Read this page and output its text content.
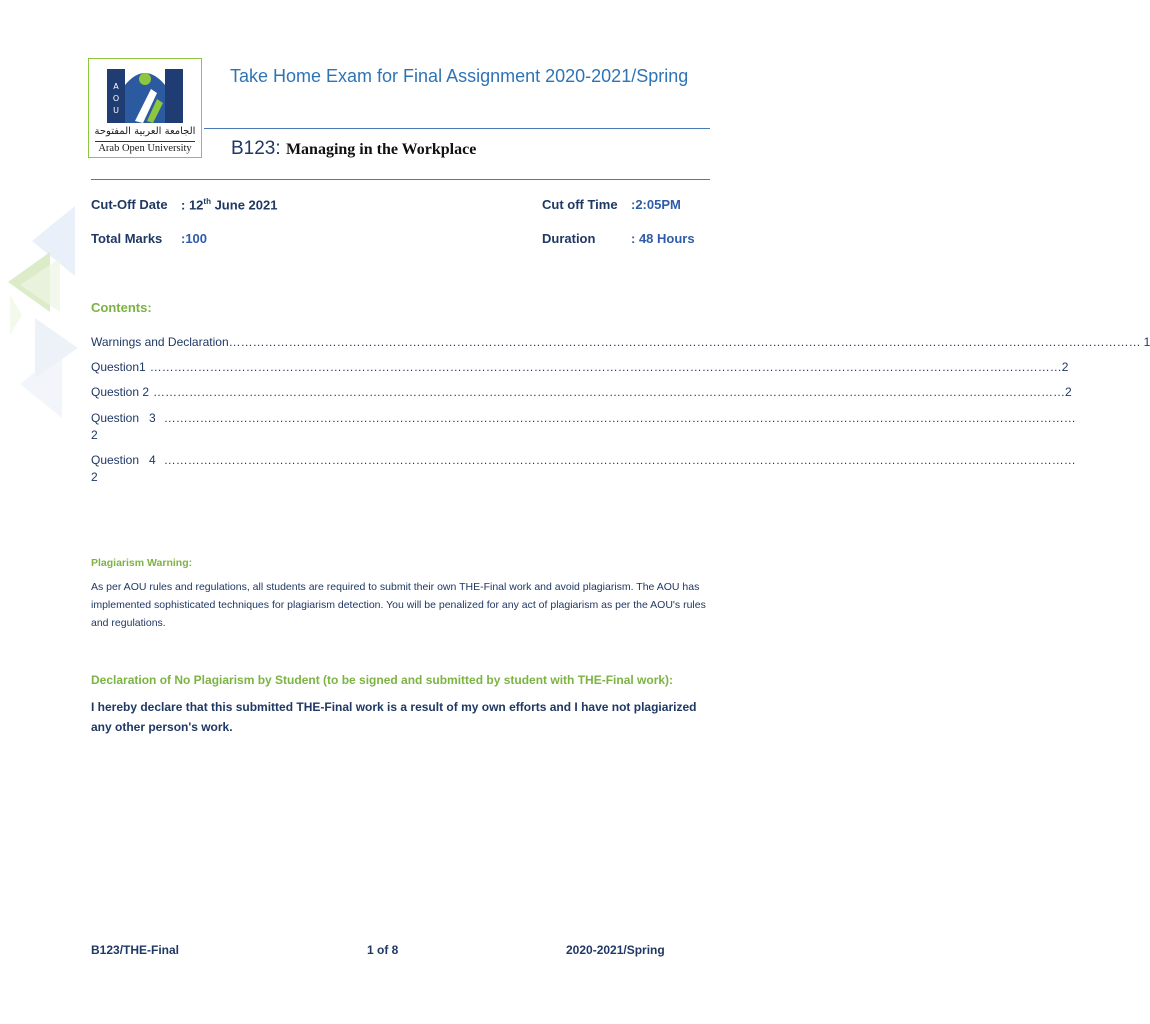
A
O
U
الجامعة العربية المفتوحة
Arab Open University
Take Home Exam for Final Assignment 2020-2021/Spring
B123: Managing in the Workplace
Cut-Off Date : 12th June 2021	Cut off Time :2:05PM
Total Marks :100	Duration	: 48 Hours
Contents:
Warnings and Declaration ………………………………………………………………………………………………………………………………………………………………………………………………………… 1
Question1 ………………………………………………………………………………………………………………………………………………………………………………………………………… 2
Question 2 ………………………………………………………………………………………………………………………………………………………………………………………………………… 2
Question   3 …………………………………………………………………………………………………………………………………………………………………………………………………………
2
Question   4 …………………………………………………………………………………………………………………………………………………………………………………………………………
2
Plagiarism Warning:
As per AOU rules and regulations, all students are required to submit their own THE-Final work and avoid plagiarism. The AOU has implemented sophisticated techniques for plagiarism detection. You will be penalized for any act of plagiarism as per the AOU's rules and regulations.
Declaration of No Plagiarism by Student (to be signed and submitted by student with THE-Final work):
I hereby declare that this submitted THE-Final work is a result of my own efforts and I have not plagiarized any other person's work.
B123/THE-Final	1 of 8	2020-2021/Spring
